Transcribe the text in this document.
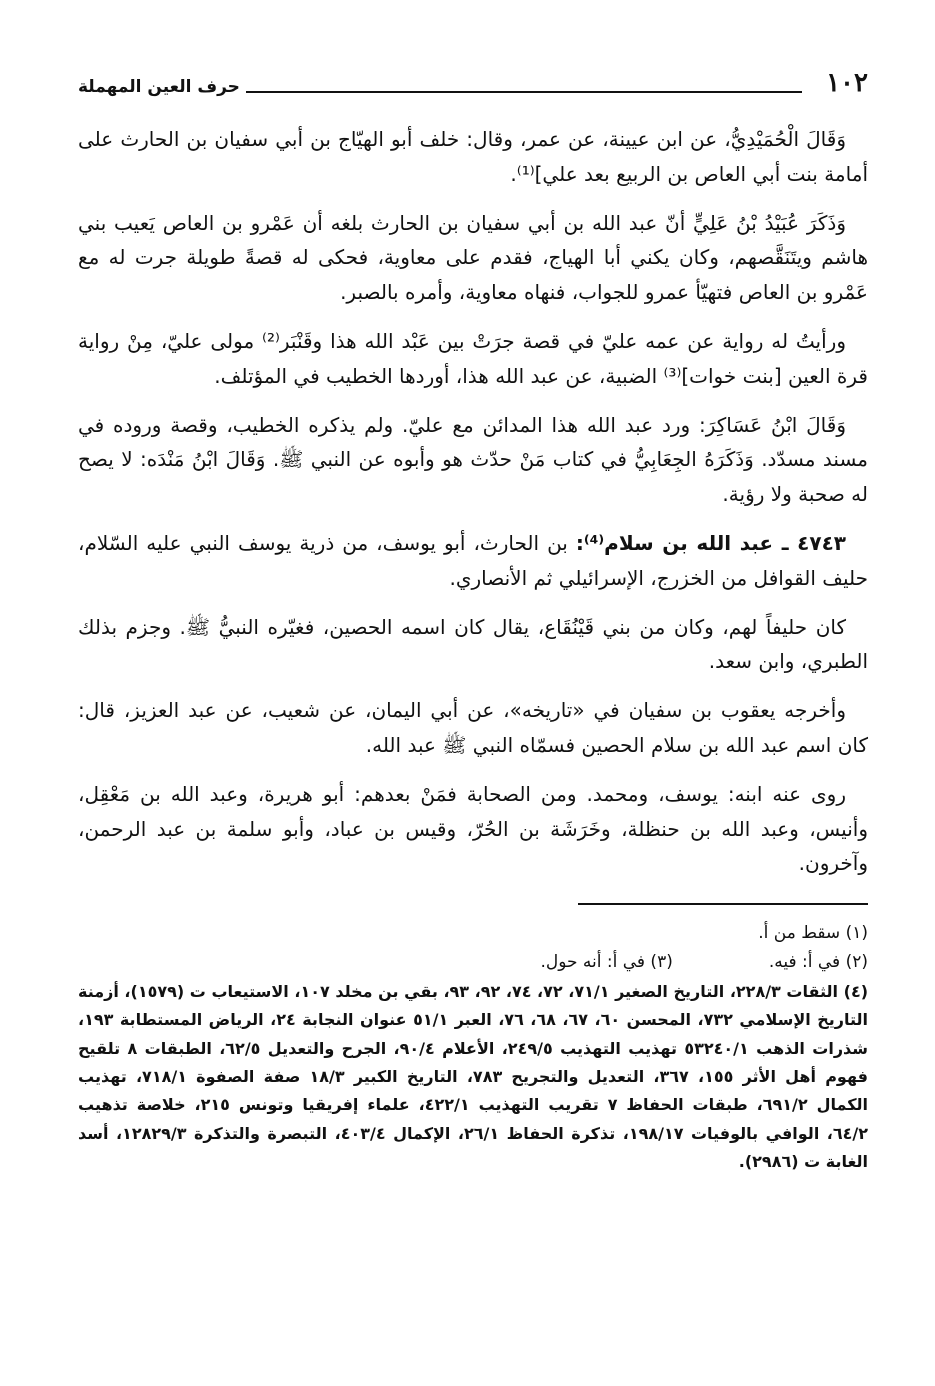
١٠٢
حرف العين المهملة

وَقَالَ الْحُمَيْدِيُّ، عن ابن عيينة، عن عمر، وقال: خلف أبو الهيّاج بن أبي سفيان بن الحارث على أمامة بنت أبي العاص بن الربيع بعد علي]⁽¹⁾.

وَذَكَرَ عُبَيْدُ بْنُ عَلِيٍّ أنّ عبد الله بن أبي سفيان بن الحارث بلغه أن عَمْرو بن العاص يَعيب بني هاشم ويتَنَقَّصهم، وكان يكني أبا الهياج، فقدم على معاوية، فحكى له قصةً طويلة جرت له مع عَمْرو بن العاص فتهيّأ عمرو للجواب، فنهاه معاوية، وأمره بالصبر.

ورأيتُ له رواية عن عمه عليّ في قصة جرَتْ بين عَبْد الله هذا وقَنْبَر⁽²⁾ مولى عليّ، مِنْ رواية قرة العين [بنت خوات]⁽³⁾ الضبية، عن عبد الله هذا، أوردها الخطيب في المؤتلف.

وَقَالَ ابْنُ عَسَاكِرَ: ورد عبد الله هذا المدائن مع عليّ. ولم يذكره الخطيب، وقصة وروده في مسند مسدّد. وَذَكَرَهُ الجِعَابِيُّ في كتاب مَنْ حدّث هو وأبوه عن النبي ﷺ. وَقَالَ ابْنُ مَنْدَه: لا يصح له صحبة ولا رؤية.

٤٧٤٣ ـ عبد الله بن سلام⁽⁴⁾: بن الحارث، أبو يوسف، من ذرية يوسف النبي عليه السّلام، حليف القوافل من الخزرج، الإسرائيلي ثم الأنصاري.

كان حليفاً لهم، وكان من بني قَيْنُقَاع، يقال كان اسمه الحصين، فغيّره النبيُّ ﷺ. وجزم بذلك الطبري، وابن سعد.

وأخرجه يعقوب بن سفيان في «تاريخه»، عن أبي اليمان، عن شعيب، عن عبد العزيز، قال: كان اسم عبد الله بن سلام الحصين فسمّاه النبي ﷺ عبد الله.

روى عنه ابنه: يوسف، ومحمد. ومن الصحابة فمَنْ بعدهم: أبو هريرة، وعبد الله بن مَعْقِل، وأنيس، وعبد الله بن حنظلة، وخَرَشَة بن الحُرّ، وقيس بن عباد، وأبو سلمة بن عبد الرحمن، وآخرون.

(١) سقط من أ.

(٢) في أ: فيه.
(٣) في أ: أنه حول.

(٤) الثقات ٢٢٨/٣، التاريخ الصغير ٧١/١، ٧٢، ٧٤، ٩٢، ٩٣، بقي بن مخلد ١٠٧، الاستيعاب ت (١٥٧٩)، أزمنة التاريخ الإسلامي ٧٣٢، المحسن ٦٠، ٦٧، ٦٨، ٧٦، العبر ٥١/١ عنوان النجابة ٢٤، الرياض المستطابة ١٩٣، شذرات الذهب ٥٣٢٤٠/١ تهذيب التهذيب ٢٤٩/٥، الأعلام ٩٠/٤، الجرح والتعديل ٦٢/٥، الطبقات ٨ تلقيح فهوم أهل الأثر ١٥٥، ٣٦٧، التعديل والتجريح ٧٨٣، التاريخ الكبير ١٨/٣ صفة الصفوة ٧١٨/١، تهذيب الكمال ٦٩١/٢، طبقات الحفاظ ٧ تقريب التهذيب ٤٢٢/١، علماء إفريقيا وتونس ٢١٥، خلاصة تذهيب ٦٤/٢، الوافي بالوفيات ١٩٨/١٧، تذكرة الحفاظ ٢٦/١، الإكمال ٤٠٣/٤، التبصرة والتذكرة ١٢٨٢٩/٣، أسد الغابة ت (٢٩٨٦).
